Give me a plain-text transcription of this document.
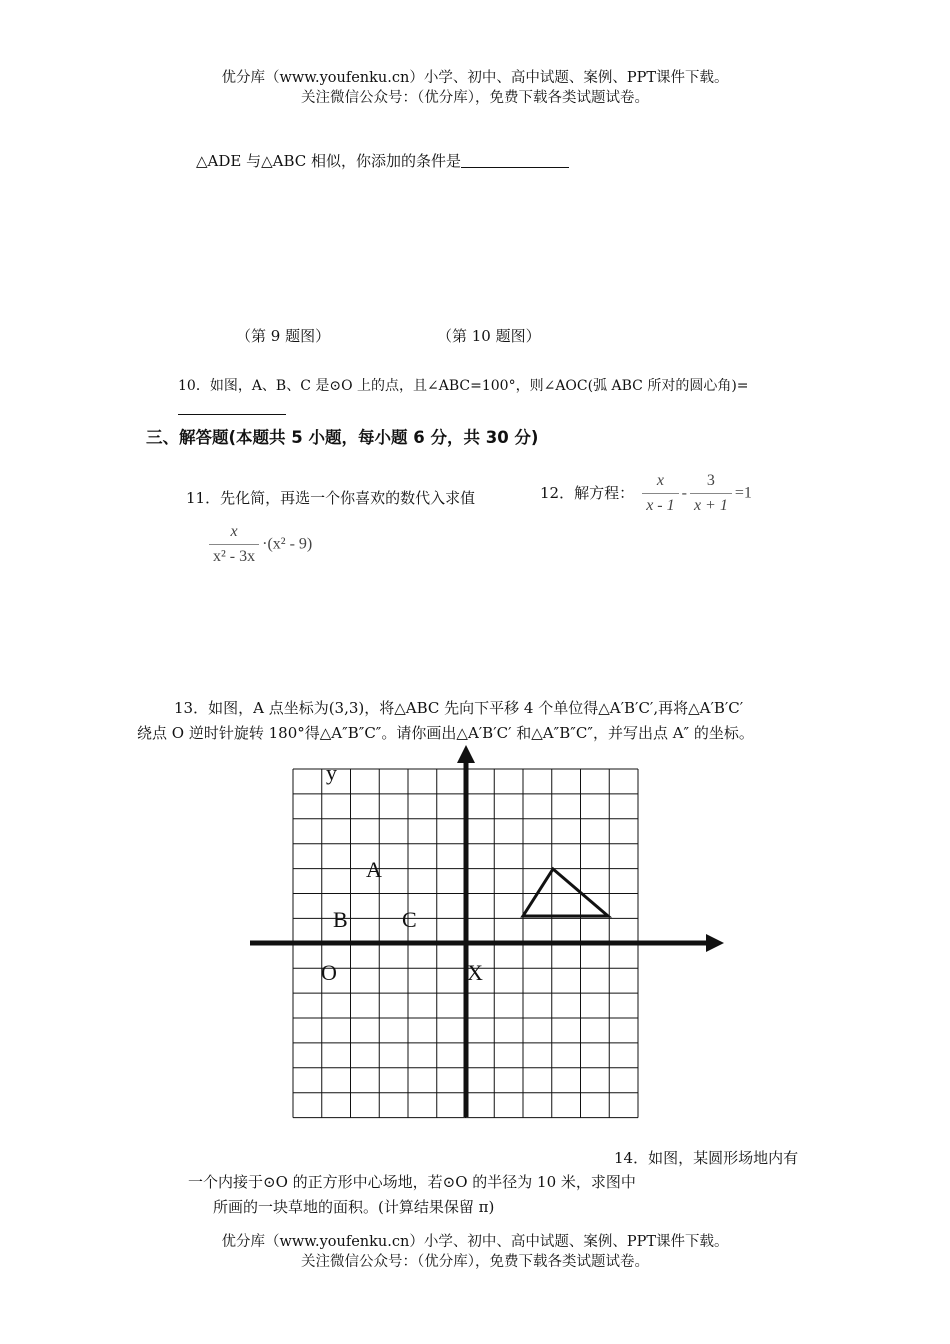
优分库（www.youfenku.cn）小学、初中、高中试题、案例、PPT课件下载。
关注微信公众号：（优分库），免费下载各类试题试卷。
△ADE 与△ABC 相似，你添加的条件是
（第 9 题图）	（第 10 题图）
10．如图，A、B、C 是⊙O 上的点，且∠ABC=100°，则∠AOC(弧 ABC 所对的圆心角)=
三、解答题(本题共 5 小题，每小题 6 分，共 30 分)
11．先化简，再选一个你喜欢的数代入求值
$\frac{x}{\text{x² - 3x}} \cdot(x^2 - 9)$
12．解方程： $\frac{x}{x - 1} - \frac{3}{x + 1} =1$
13．如图，A 点坐标为(3,3)，将△ABC 先向下平移 4 个单位得△A′B′C′,再将△A′B′C′
绕点 O 逆时针旋转 180°得△A″B″C″。请你画出△A′B′C′ 和△A″B″C″，并写出点 A″ 的坐标。
y
A
B C
O	X
14．如图，某圆形场地内有
一个内接于⊙O 的正方形中心场地，若⊙O 的半径为 10 米，求图中
所画的一块草地的面积。(计算结果保留 π)
优分库（www.youfenku.cn）小学、初中、高中试题、案例、PPT课件下载。
关注微信公众号：（优分库），免费下载各类试题试卷。
